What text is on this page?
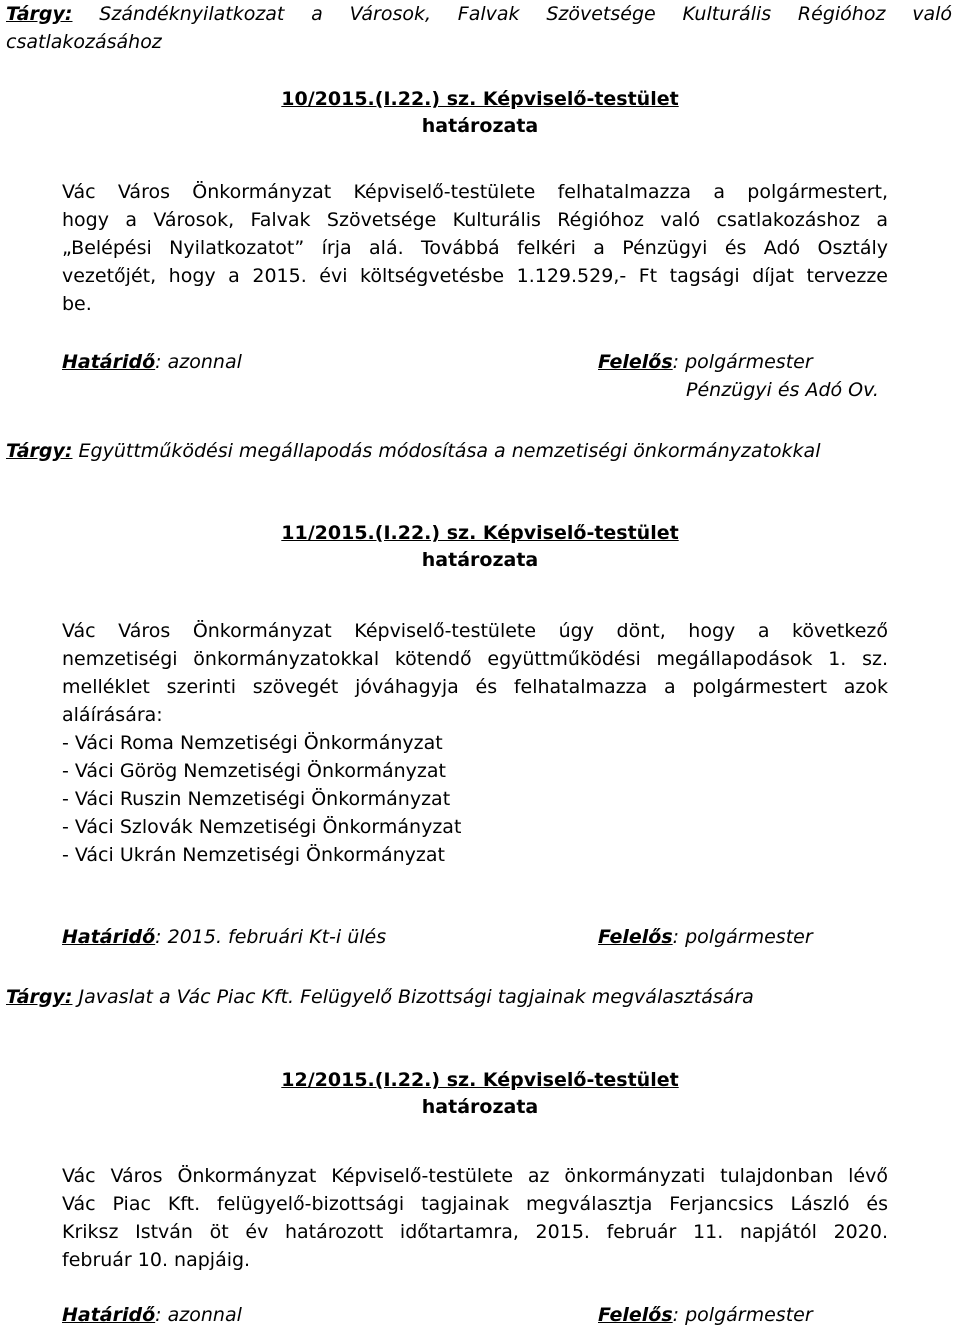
Tárgy: Szándéknyilatkozat a Városok, Falvak Szövetsége Kulturális Régióhoz való
csatlakozásához
10/2015.(I.22.) sz. Képviselő-testület
határozata
Vác Város Önkormányzat Képviselő-testülete felhatalmazza a polgármestert,
hogy a Városok, Falvak Szövetsége Kulturális Régióhoz való csatlakozáshoz a
„Belépési Nyilatkozatot” írja alá. Továbbá felkéri a Pénzügyi és Adó Osztály
vezetőjét, hogy a 2015. évi költségvetésbe 1.129.529,- Ft tagsági díjat tervezze
be.
Határidő: azonnal	Felelős: polgármester
Pénzügyi és Adó Ov.
Tárgy: Együttműködési megállapodás módosítása a nemzetiségi önkormányzatokkal
11/2015.(I.22.) sz. Képviselő-testület
határozata
Vác Város Önkormányzat Képviselő-testülete úgy dönt, hogy a következő
nemzetiségi önkormányzatokkal kötendő együttműködési megállapodások 1. sz.
melléklet szerinti szövegét jóváhagyja és felhatalmazza a polgármestert azok
aláírására:
- Váci Roma Nemzetiségi Önkormányzat
- Váci Görög Nemzetiségi Önkormányzat
- Váci Ruszin Nemzetiségi Önkormányzat
- Váci Szlovák Nemzetiségi Önkormányzat
- Váci Ukrán Nemzetiségi Önkormányzat
Határidő: 2015. februári Kt-i ülés	Felelős: polgármester
Tárgy: Javaslat a Vác Piac Kft. Felügyelő Bizottsági tagjainak megválasztására
12/2015.(I.22.) sz. Képviselő-testület
határozata
Vác Város Önkormányzat Képviselő-testülete az önkormányzati tulajdonban lévő
Vác Piac Kft. felügyelő-bizottsági tagjainak megválasztja Ferjancsics László és
Kriksz István öt év határozott időtartamra, 2015. február 11. napjától 2020.
február 10. napjáig.
Határidő: azonnal	Felelős: polgármester
